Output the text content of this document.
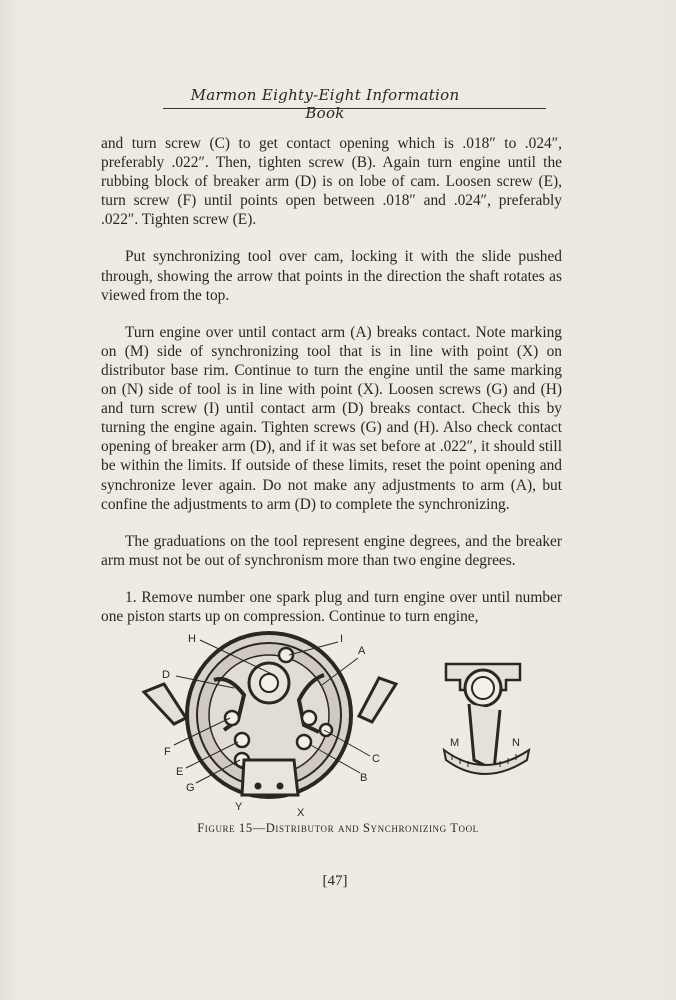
Marmon Eighty-Eight Information Book

and turn screw (C) to get contact opening which is .018″ to .024″, preferably .022″. Then, tighten screw (B). Again turn engine until the rubbing block of breaker arm (D) is on lobe of cam. Loosen screw (E), turn screw (F) until points open between .018″ and .024″, preferably .022″. Tighten screw (E).

Put synchronizing tool over cam, locking it with the slide pushed through, showing the arrow that points in the direction the shaft rotates as viewed from the top.

Turn engine over until contact arm (A) breaks contact. Note marking on (M) side of synchronizing tool that is in line with point (X) on distributor base rim. Continue to turn the engine until the same marking on (N) side of tool is in line with point (X). Loosen screws (G) and (H) and turn screw (I) until contact arm (D) breaks contact. Check this by turning the engine again. Tighten screws (G) and (H). Also check contact opening of breaker arm (D), and if it was set before at .022″, it should still be within the limits. If outside of these limits, reset the point opening and synchronize lever again. Do not make any adjustments to arm (A), but confine the adjustments to arm (D) to complete the synchronizing.

The graduations on the tool represent engine degrees, and the breaker arm must not be out of synchronism more than two engine degrees.

1. Remove number one spark plug and turn engine over until number one piston starts up on compression. Continue to turn engine,

H	I
A
D
F
E
G
C
B
Y	X
M	N
Figure 15—Distributor and Synchronizing Tool
[47]
